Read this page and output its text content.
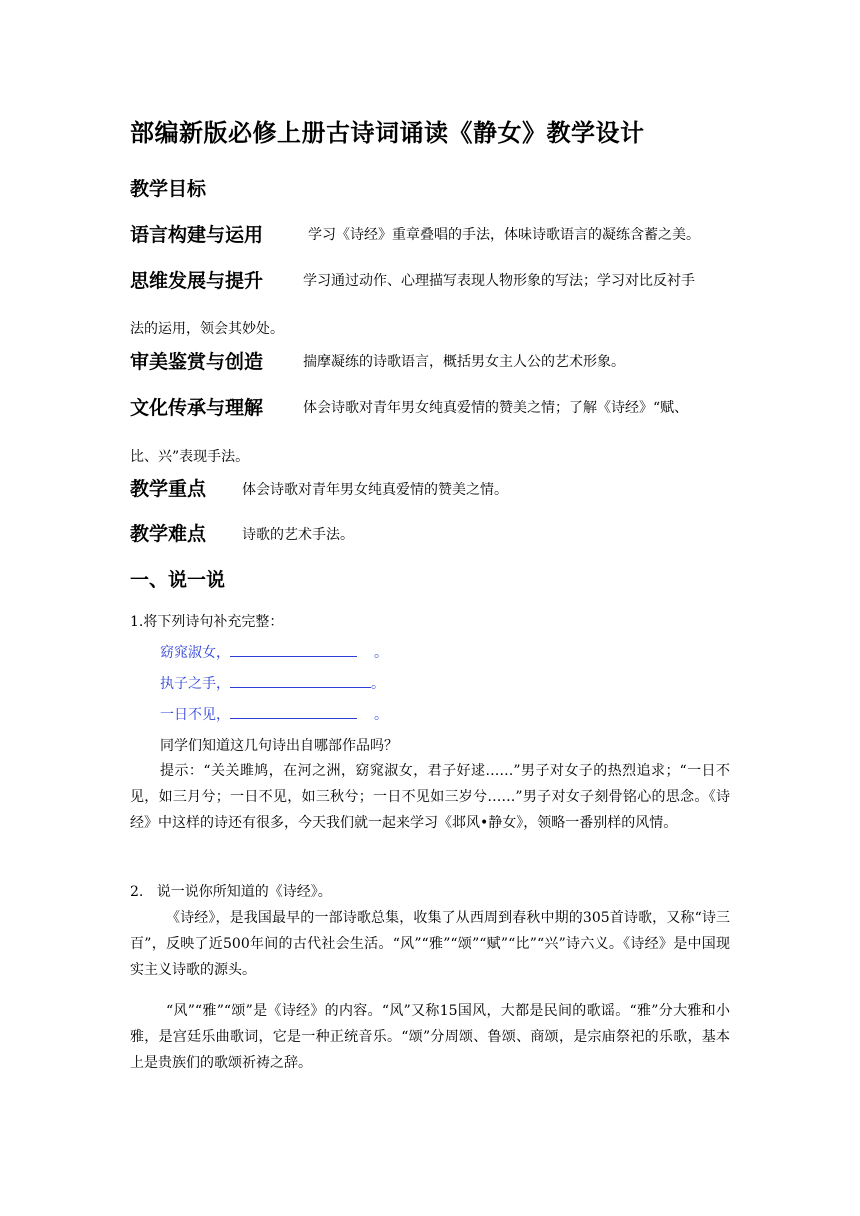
部编新版必修上册古诗词诵读《静女》教学设计
教学目标
语言构建与运用	学习《诗经》重章叠唱的手法，体味诗歌语言的凝练含蓄之美。
思维发展与提升	学习通过动作、心理描写表现人物形象的写法；学习对比反衬手
法的运用，领会其妙处。
审美鉴赏与创造	揣摩凝练的诗歌语言，概括男女主人公的艺术形象。
文化传承与理解	体会诗歌对青年男女纯真爱情的赞美之情；了解《诗经》“赋、
比、兴”表现手法。
教学重点	体会诗歌对青年男女纯真爱情的赞美之情。
教学难点	诗歌的艺术手法。
一、说一说
1.将下列诗句补充完整：
窈窕淑女，	。
执子之手，	。
一日不见，	。
同学们知道这几句诗出自哪部作品吗？
提示：“关关雎鸠，在河之洲，窈窕淑女，君子好逑……”男子对女子的热烈追求；“一日不见，如三月兮；一日不见，如三秋兮；一日不见如三岁兮……”男子对女子刻骨铭心的思念。《诗经》中这样的诗还有很多，今天我们就一起来学习《邶风•静女》，领略一番别样的风情。
2.   说一说你所知道的《诗经》。
《诗经》，是我国最早的一部诗歌总集，收集了从西周到春秋中期的305首诗歌，又称“诗三百”，反映了近500年间的古代社会生活。“风”“雅”“颂”“赋”“比”“兴”诗六义。《诗经》是中国现实主义诗歌的源头。
“风”“雅”“颂”是《诗经》的内容。“风”又称15国风，大都是民间的歌谣。“雅”分大雅和小雅，是宫廷乐曲歌词，它是一种正统音乐。“颂”分周颂、鲁颂、商颂，是宗庙祭祀的乐歌，基本上是贵族们的歌颂祈祷之辞。
